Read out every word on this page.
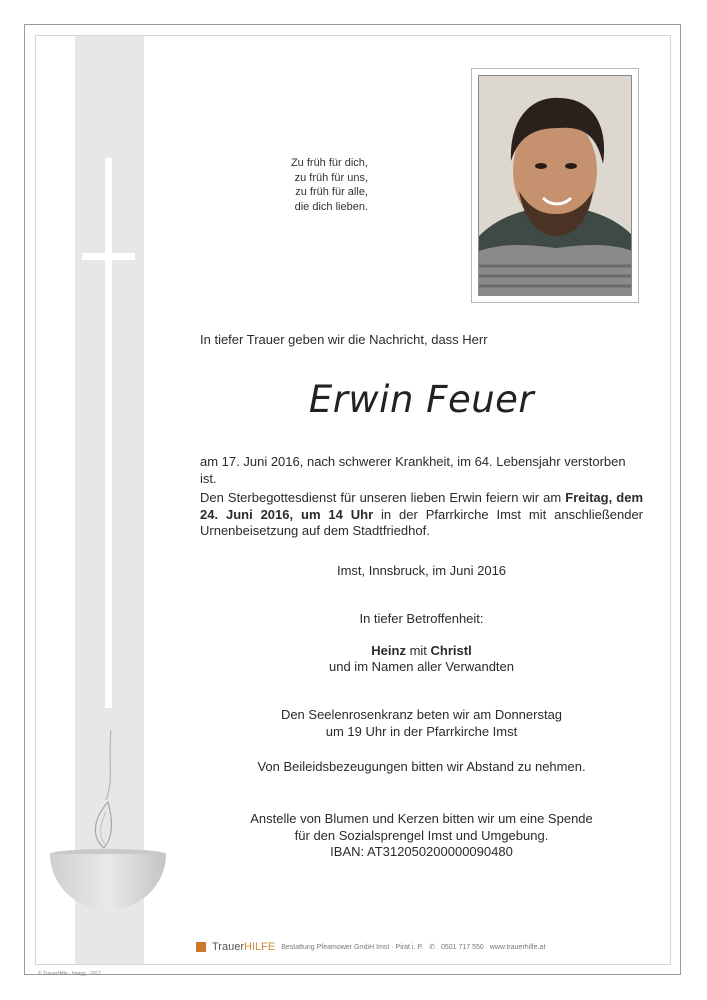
Zu früh für dich,
zu früh für uns,
zu früh für alle,
die dich lieben.
In tiefer Trauer geben wir die Nachricht, dass Herr
Erwin Feuer
am 17. Juni 2016, nach schwerer Krankheit, im 64. Lebensjahr verstorben ist.
Den Sterbegottesdienst für unseren lieben Erwin feiern wir am Freitag, dem 24. Juni 2016, um 14 Uhr in der Pfarrkirche Imst mit anschließender Urnenbeisetzung auf dem Stadtfriedhof.
Imst, Innsbruck, im Juni 2016
In tiefer Betroffenheit:
Heinz mit Christl
und im Namen aller Verwandten
Den Seelenrosenkranz beten wir am Donnerstag
um 19 Uhr in der Pfarrkirche Imst
Von Beileidsbezeugungen bitten wir Abstand zu nehmen.
Anstelle von Blumen und Kerzen bitten wir um eine Spende
für den Sozialsprengel Imst und Umgebung.
IBAN: AT312050200000090480
TrauerHILFE Bestattung Pfeamower GmbH Imst · Pirat i. P. ✆ 0501 717 550 www.trauerhilfe.at
© TrauerHilfe · Imagg . 2017
